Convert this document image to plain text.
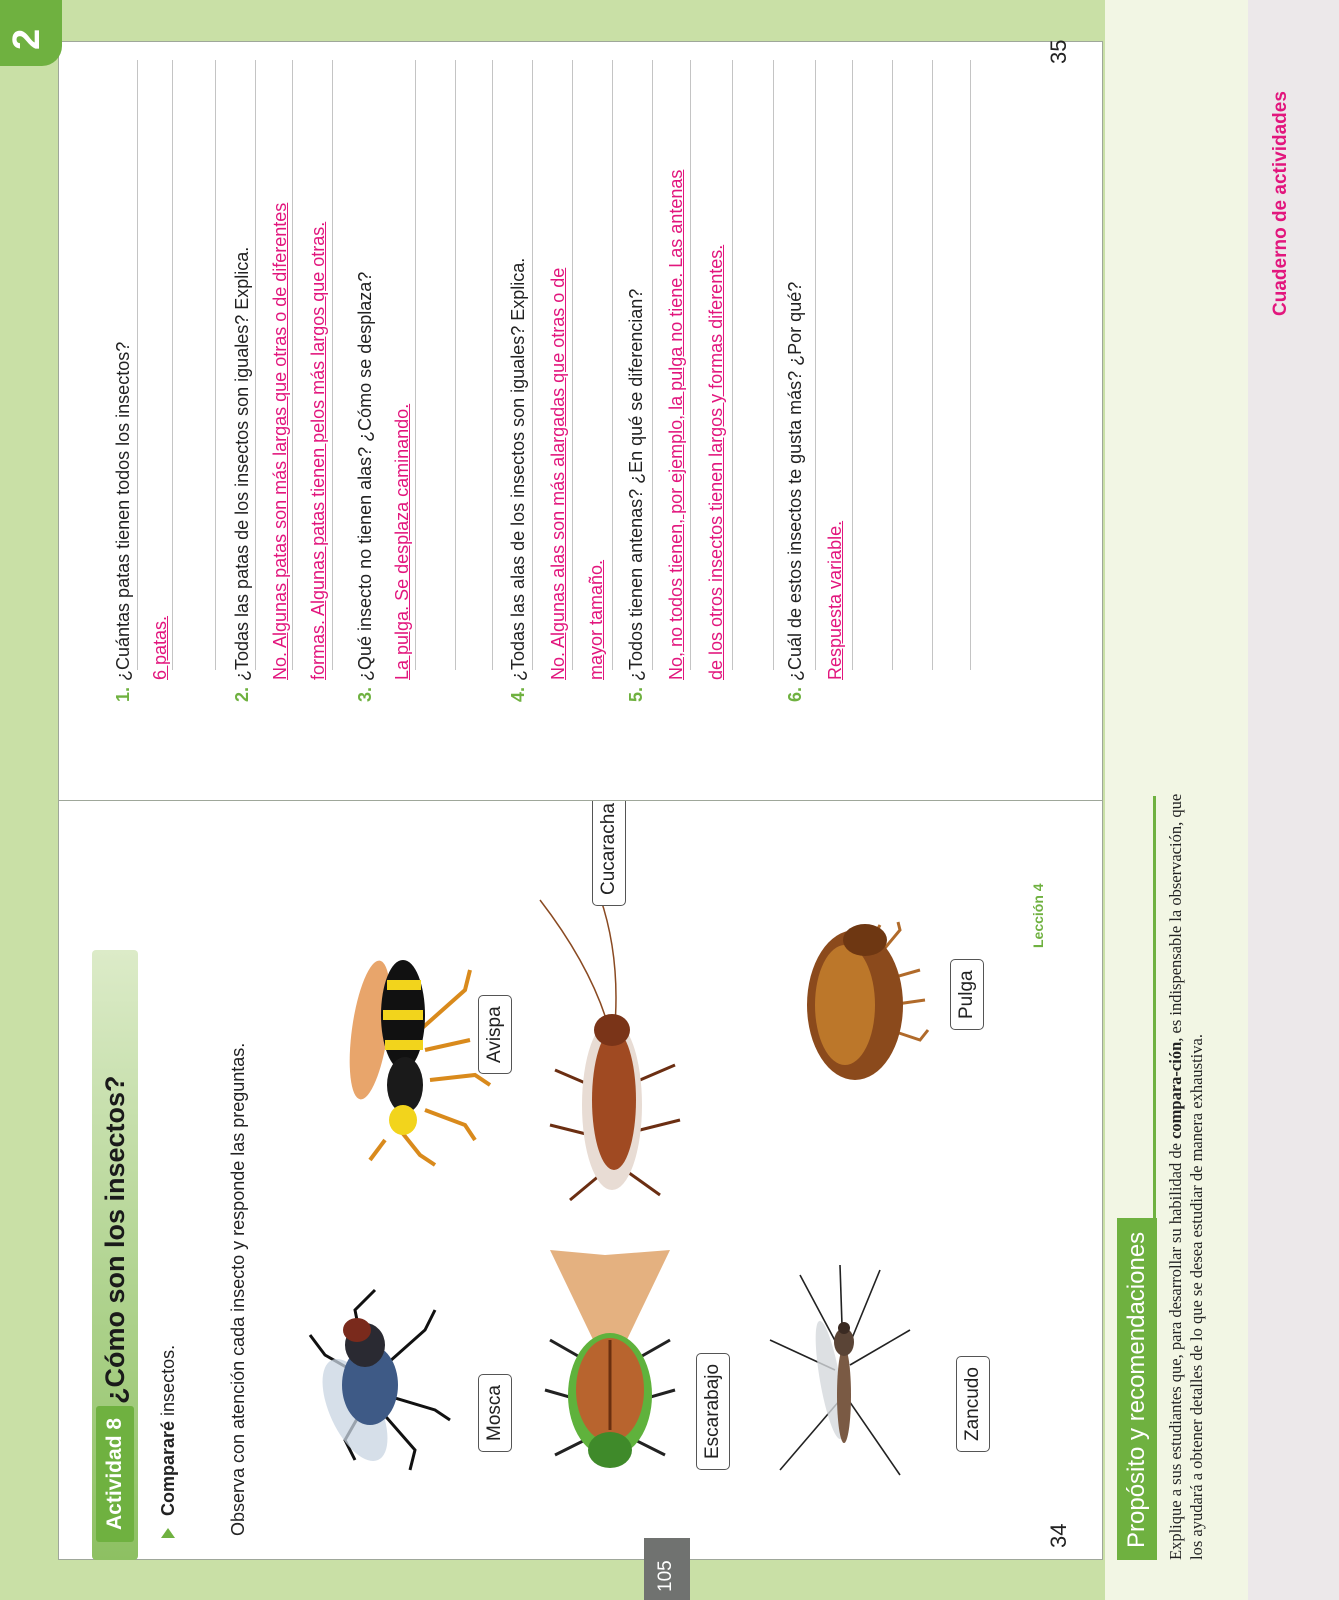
Actividad 8
¿Cómo son los insectos?
Compararé insectos.	Observa con atención cada insecto y responde las preguntas.	Mosca
Avispa
Escarabajo
Cucaracha
Zancudo
Pulga
Lección 4
34
105
1.¿Cuántas patas tienen todos los insectos? 6 patas.
2.¿Todas las patas de los insectos son iguales? Explica. No. Algunas patas son más largas que otras o de diferentes formas. Algunas patas tienen pelos más largos que otras.
3.¿Qué insecto no tienen alas? ¿Cómo se desplaza? La pulga. Se desplaza caminando.
4.¿Todas las alas de los insectos son iguales? Explica. No. Algunas alas son más alargadas que otras o de mayor tamaño.
5.¿Todos tienen antenas? ¿En qué se diferencian? No, no todos tienen, por ejemplo, la pulga no tiene. Las antenas de los otros insectos tienen largos y formas diferentes.
6.¿Cuál de estos insectos te gusta más? ¿Por qué? Respuesta variable.
2
35
Propósito y recomendaciones Explique a sus estudiantes que, para desarrollar su habilidad de compara-ción, es indispensable la observación, que los ayudará a obtener detalles de lo que se desea estudiar de manera exhaustiva.
Cuaderno de actividades
